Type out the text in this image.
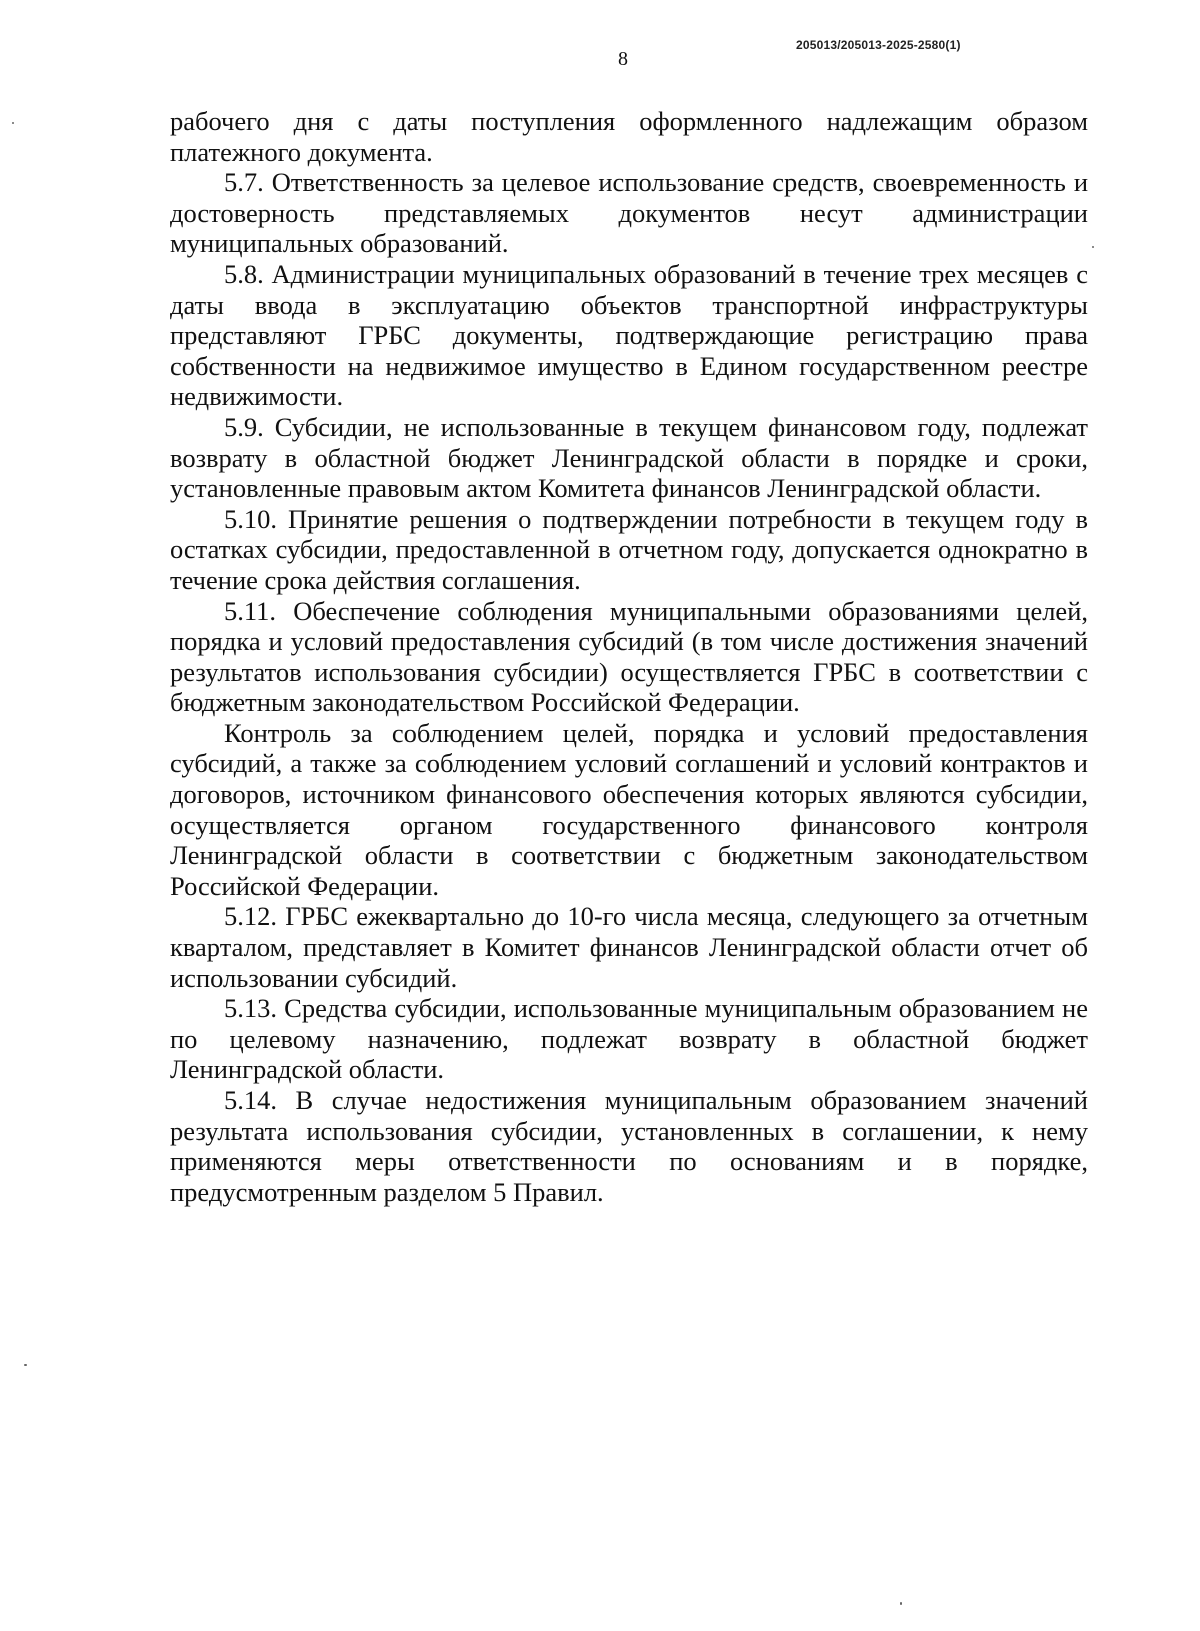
8
205013/205013-2025-2580(1)

рабочего дня с даты поступления оформленного надлежащим образом платежного документа.

5.7. Ответственность за целевое использование средств, своевременность и достоверность представляемых документов несут администрации муниципальных образований.

5.8. Администрации муниципальных образований в течение трех месяцев с даты ввода в эксплуатацию объектов транспортной инфраструктуры представляют ГРБС документы, подтверждающие регистрацию права собственности на недвижимое имущество в Едином государственном реестре недвижимости.

5.9. Субсидии, не использованные в текущем финансовом году, подлежат возврату в областной бюджет Ленинградской области в порядке и сроки, установленные правовым актом Комитета финансов Ленинградской области.

5.10. Принятие решения о подтверждении потребности в текущем году в остатках субсидии, предоставленной в отчетном году, допускается однократно в течение срока действия соглашения.

5.11. Обеспечение соблюдения муниципальными образованиями целей, порядка и условий предоставления субсидий (в том числе достижения значений результатов использования субсидии) осуществляется ГРБС в соответствии с бюджетным законодательством Российской Федерации.

Контроль за соблюдением целей, порядка и условий предоставления субсидий, а также за соблюдением условий соглашений и условий контрактов и договоров, источником финансового обеспечения которых являются субсидии, осуществляется органом государственного финансового контроля Ленинградской области в соответствии с бюджетным законодательством Российской Федерации.

5.12. ГРБС ежеквартально до 10-го числа месяца, следующего за отчетным кварталом, представляет в Комитет финансов Ленинградской области отчет об использовании субсидий.

5.13. Средства субсидии, использованные муниципальным образованием не по целевому назначению, подлежат возврату в областной бюджет Ленинградской области.

5.14. В случае недостижения муниципальным образованием значений результата использования субсидии, установленных в соглашении, к нему применяются меры ответственности по основаниям и в порядке, предусмотренным разделом 5 Правил.
